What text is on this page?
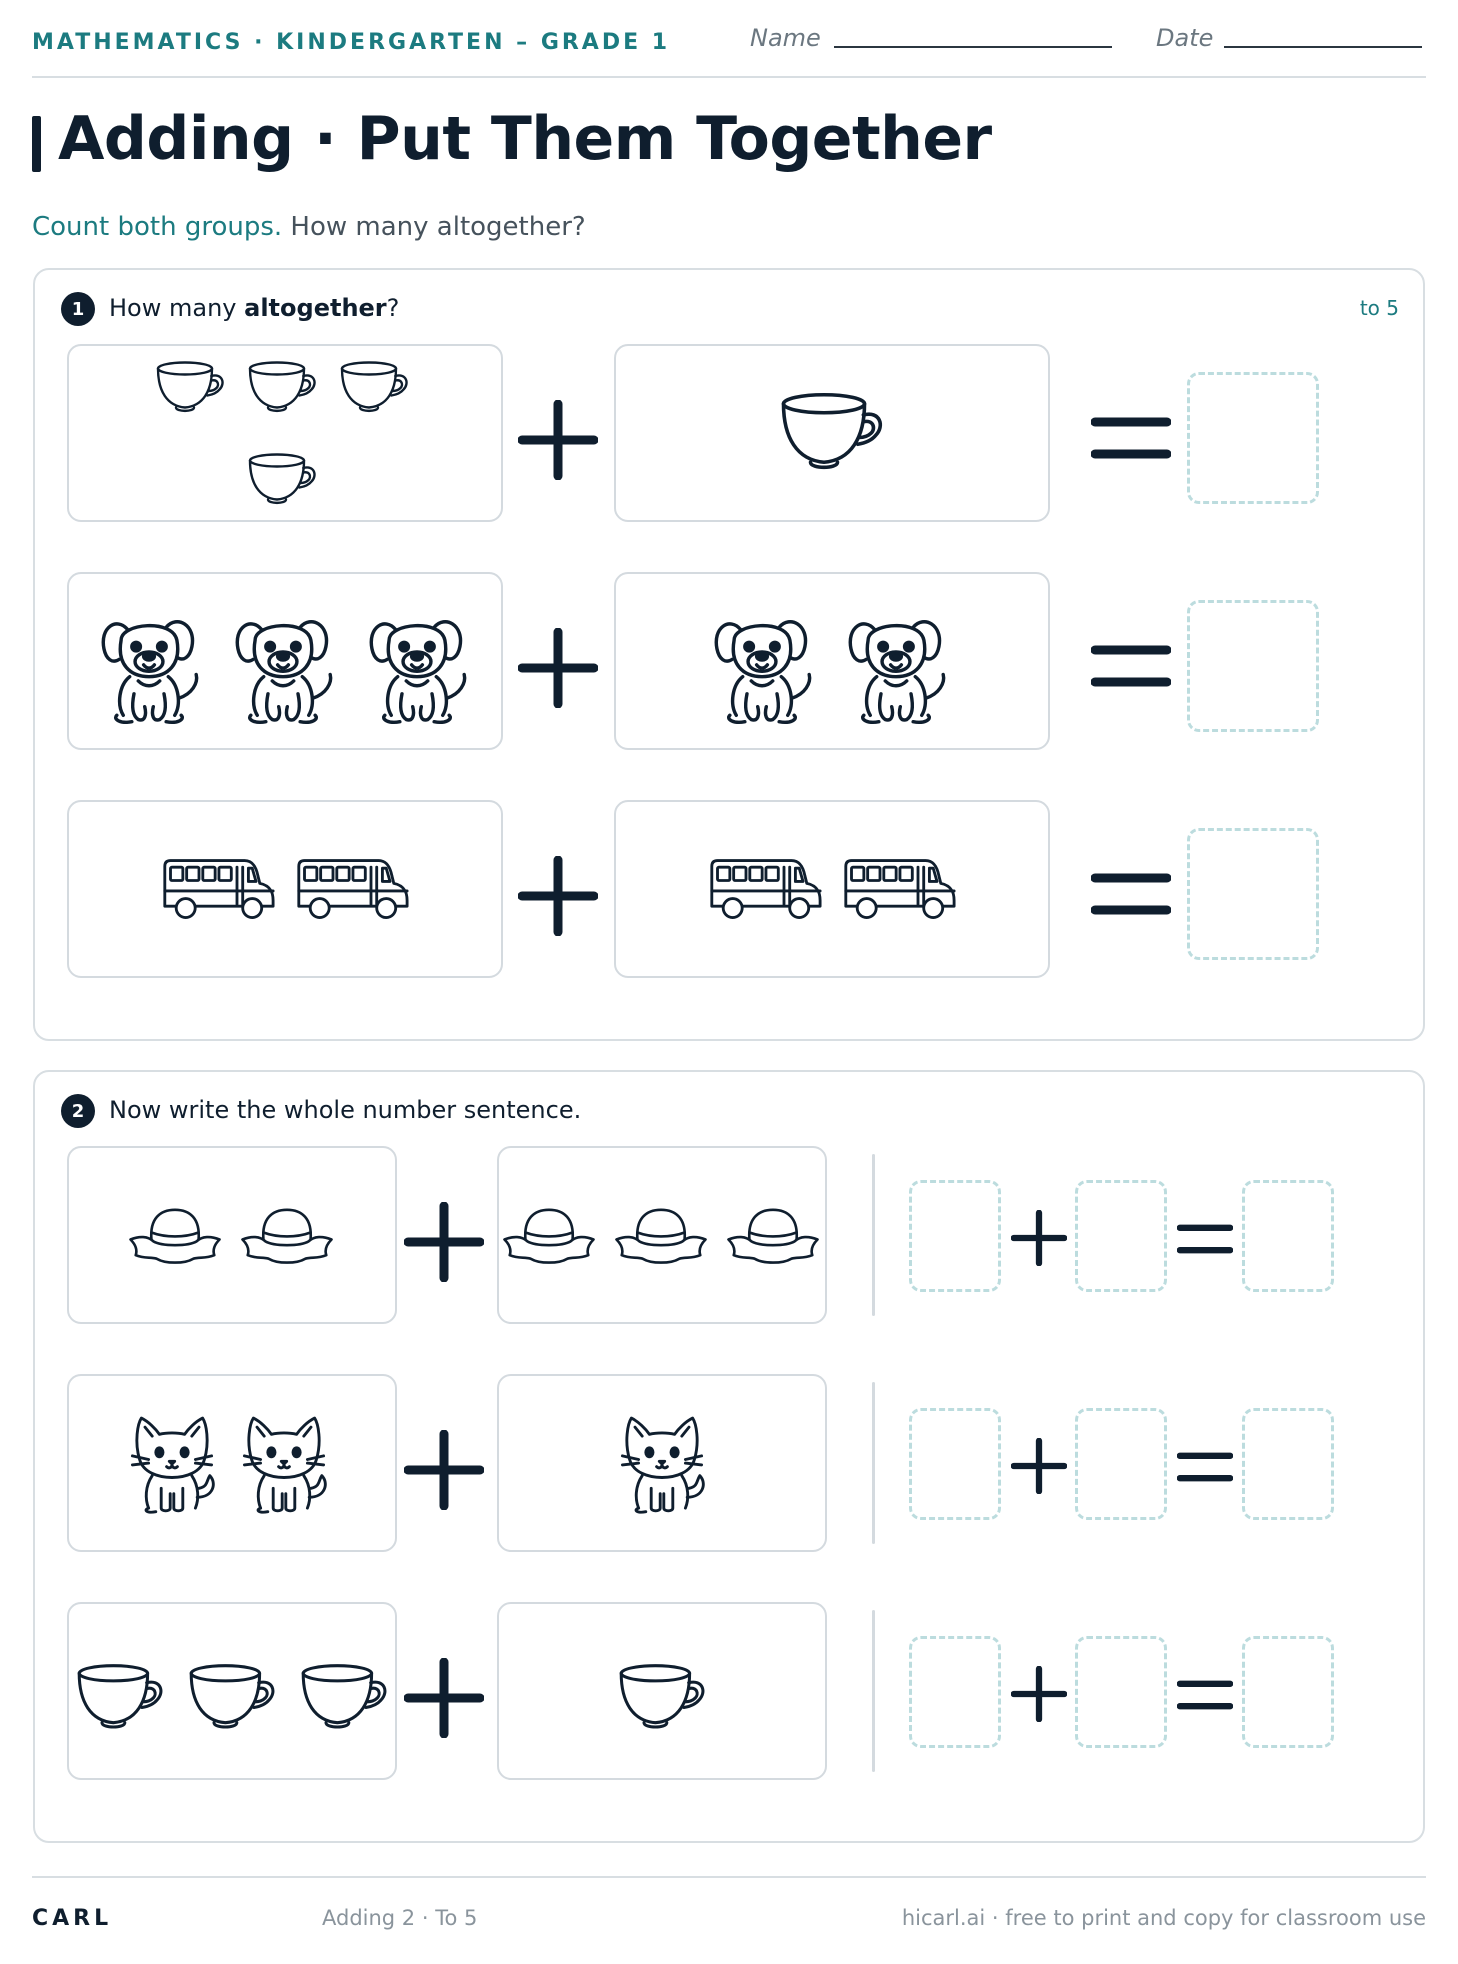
MATHEMATICS · KINDERGARTEN – GRADE 1	Name	Date
Adding · Put Them Together
Count both groups. How many altogether?
1	How many altogether?	to 5
2	Now write the whole number sentence.
CARL	Adding 2 · To 5	hicarl.ai · free to print and copy for classroom use
